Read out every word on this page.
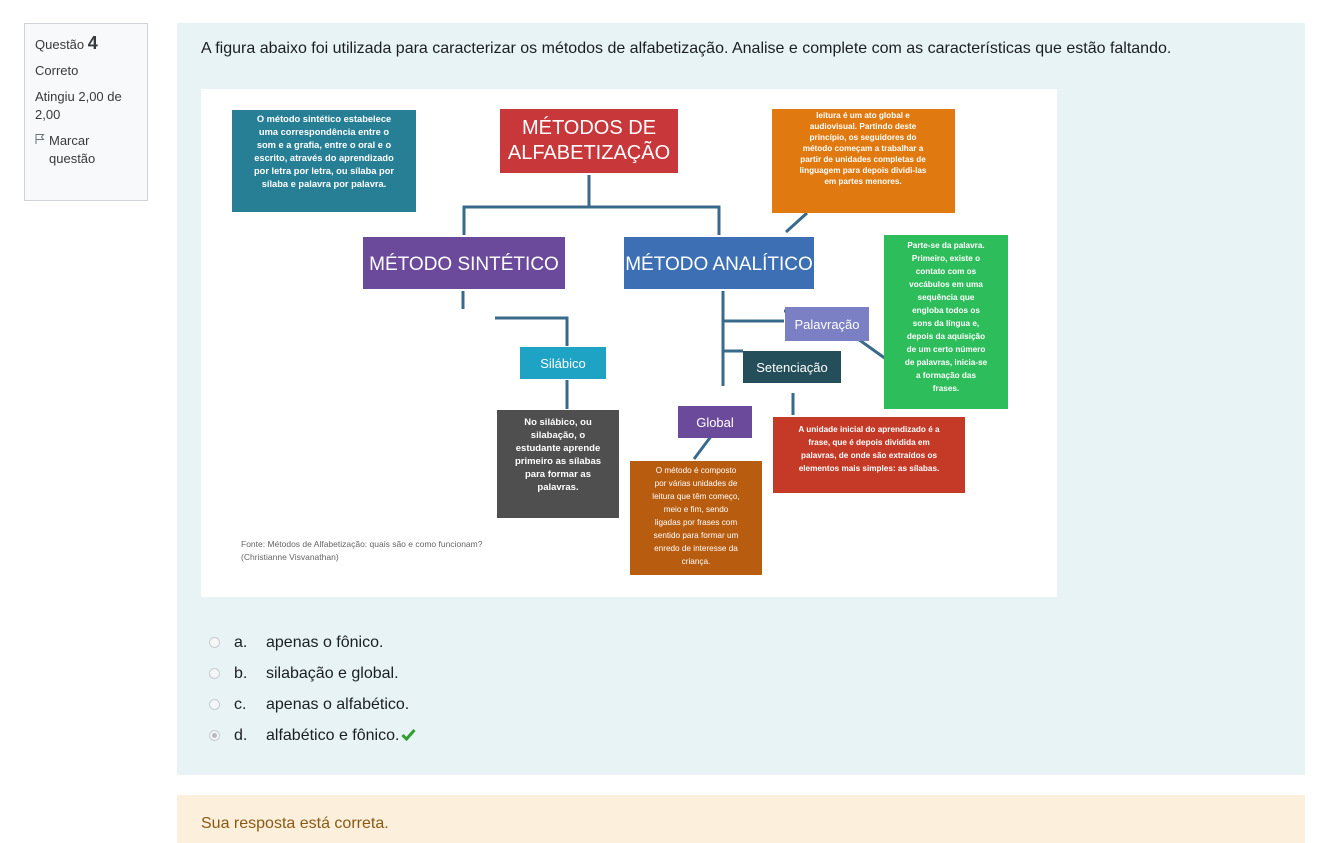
Questão 4
Correto
Atingiu 2,00 de 2,00
Marcar questão
A figura abaixo foi utilizada para caracterizar os métodos de alfabetização. Analise e complete com as características que estão faltando.
MÉTODOS DE
ALFABETIZAÇÃO
O método sintético estabelece
uma correspondência entre o
som e a grafia, entre o oral e o
escrito, através do aprendizado
por letra por letra, ou sílaba por
sílaba e palavra por palavra.
leitura é um ato global e
audiovisual. Partindo deste
princípio, os seguidores do
método começam a trabalhar a
partir de unidades completas de
linguagem para depois dividi-las
em partes menores.
MÉTODO SINTÉTICO	MÉTODO ANALÍTICO
Parte-se da palavra.
Primeiro, existe o
contato com os
vocábulos em uma
sequência que
engloba todos os
sons da língua e,
depois da aquisição
de um certo número
de palavras, inicia-se
a formação das
frases.
Palavração
Silábico	Setenciação
No silábico, ou
silabação, o
estudante aprende
primeiro as sílabas
para formar as
palavras.
Global	A unidade inicial do aprendizado é a
frase, que é depois dividida em
palavras, de onde são extraídos os
elementos mais simples: as sílabas.
O método é composto
por várias unidades de
leitura que têm começo,
meio e fim, sendo
ligadas por frases com
sentido para formar um
enredo de interesse da
criança.
Fonte: Métodos de Alfabetização: quais são e como funcionam?
(Christianne Visvanathan)
a.	apenas o fônico.
b.	silabação e global.
c.	apenas o alfabético.
d.	alfabético e fônico.
Sua resposta está correta.
